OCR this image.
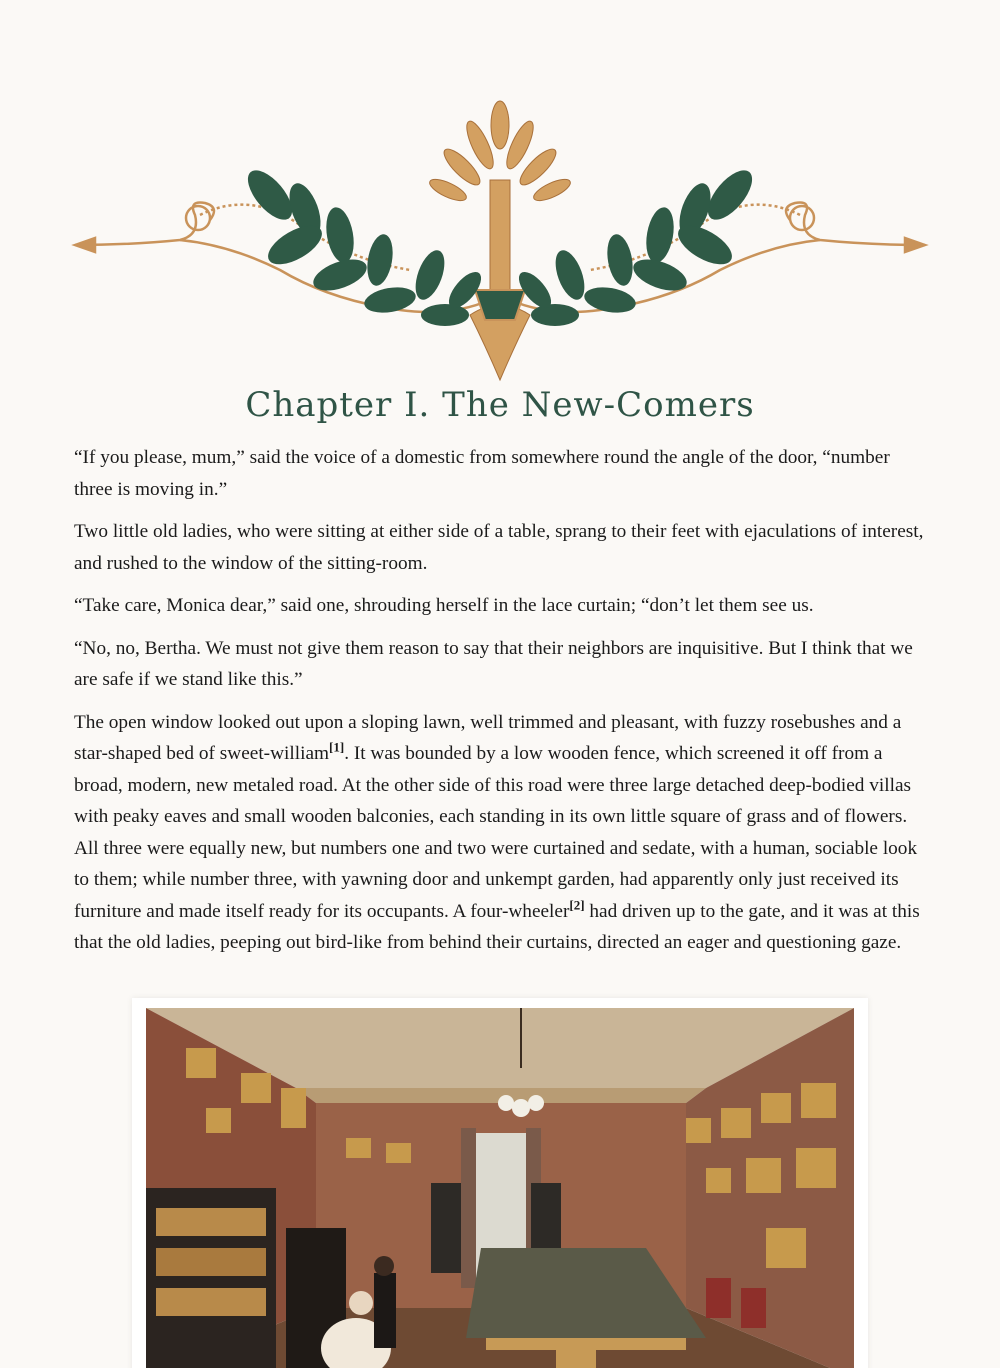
Chapter I. The New-Comers

“If you please, mum,” said the voice of a domestic from somewhere round the angle of the door, “number three is moving in.”

Two little old ladies, who were sitting at either side of a table, sprang to their feet with ejaculations of interest, and rushed to the window of the sitting-room.

“Take care, Monica dear,” said one, shrouding herself in the lace curtain; “don’t let them see us.

“No, no, Bertha. We must not give them reason to say that their neighbors are inquisitive. But I think that we are safe if we stand like this.”

The open window looked out upon a sloping lawn, well trimmed and pleasant, with fuzzy rosebushes and a star-shaped bed of sweet-william[1]. It was bounded by a low wooden fence, which screened it off from a broad, modern, new metaled road. At the other side of this road were three large detached deep-bodied villas with peaky eaves and small wooden balconies, each standing in its own little square of grass and of flowers. All three were equally new, but numbers one and two were curtained and sedate, with a human, sociable look to them; while number three, with yawning door and unkempt garden, had apparently only just received its furniture and made itself ready for its occupants. A four-wheeler[2] had driven up to the gate, and it was at this that the old ladies, peeping out bird-like from behind their curtains, directed an eager and questioning gaze.
